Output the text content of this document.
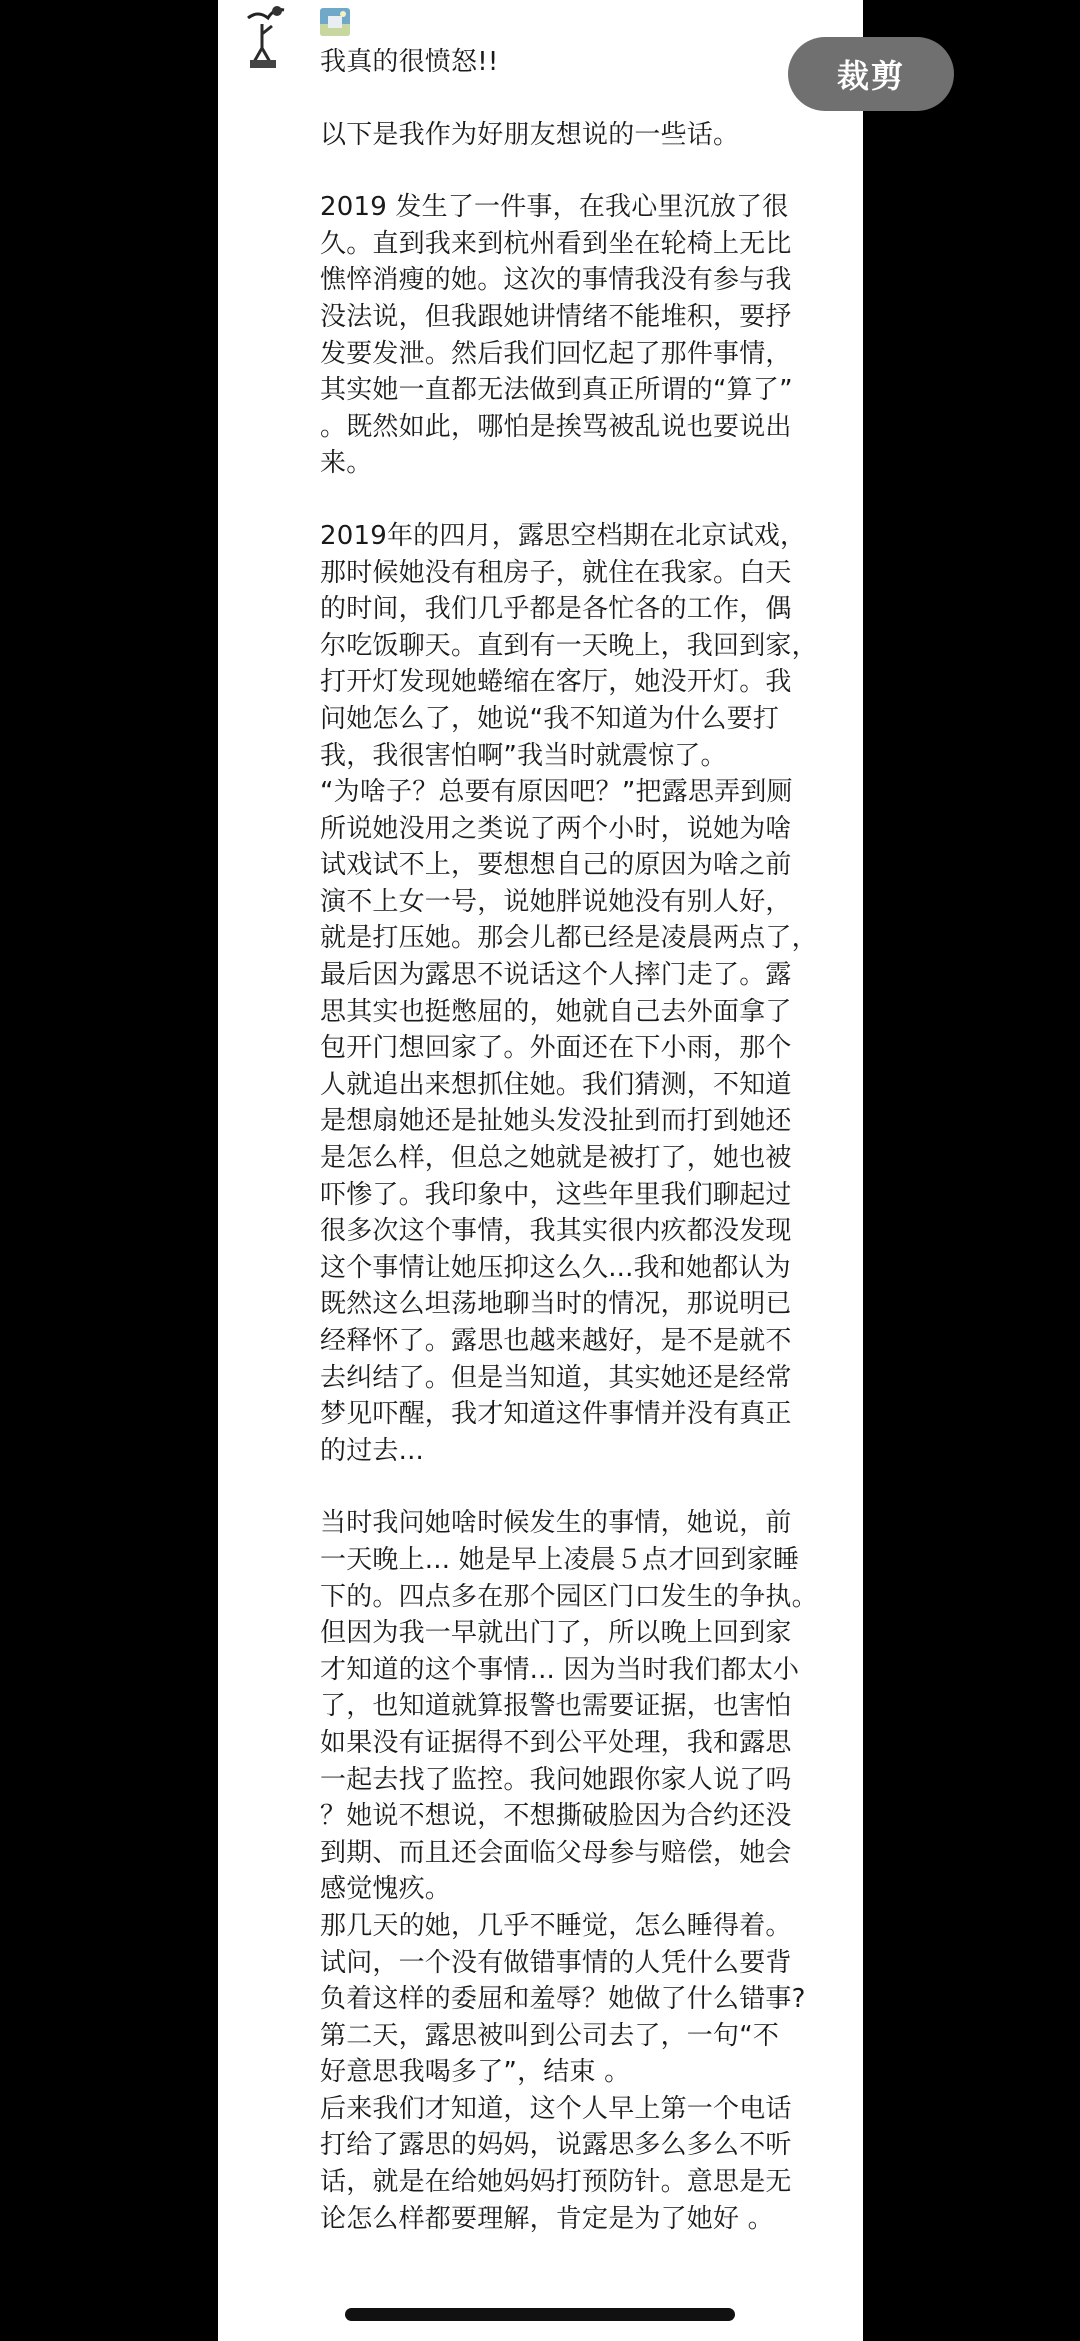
我真的很愤怒!!

以下是我作为好朋友想说的一些话。

2019 发生了一件事，在我心里沉放了很
久。直到我来到杭州看到坐在轮椅上无比
憔悴消瘦的她。这次的事情我没有参与我
没法说，但我跟她讲情绪不能堆积，要抒
发要发泄。然后我们回忆起了那件事情，
其实她一直都无法做到真正所谓的“算了”
。既然如此，哪怕是挨骂被乱说也要说出
来。

2019年的四月，露思空档期在北京试戏，
那时候她没有租房子，就住在我家。白天
的时间，我们几乎都是各忙各的工作，偶
尔吃饭聊天。直到有一天晚上，我回到家，
打开灯发现她蜷缩在客厅，她没开灯。我
问她怎么了，她说“我不知道为什么要打
我，我很害怕啊”我当时就震惊了。
“为啥子？总要有原因吧？”把露思弄到厕
所说她没用之类说了两个小时，说她为啥
试戏试不上，要想想自己的原因为啥之前
演不上女一号，说她胖说她没有别人好，
就是打压她。那会儿都已经是凌晨两点了，
最后因为露思不说话这个人摔门走了。露
思其实也挺憋屈的，她就自己去外面拿了
包开门想回家了。外面还在下小雨，那个
人就追出来想抓住她。我们猜测，不知道
是想扇她还是扯她头发没扯到而打到她还
是怎么样，但总之她就是被打了，她也被
吓惨了。我印象中，这些年里我们聊起过
很多次这个事情，我其实很内疚都没发现
这个事情让她压抑这么久...我和她都认为
既然这么坦荡地聊当时的情况，那说明已
经释怀了。露思也越来越好，是不是就不
去纠结了。但是当知道，其实她还是经常
梦见吓醒，我才知道这件事情并没有真正
的过去...

当时我问她啥时候发生的事情，她说，前
一天晚上... 她是早上凌晨５点才回到家睡
下的。四点多在那个园区门口发生的争执。
但因为我一早就出门了，所以晚上回到家
才知道的这个事情... 因为当时我们都太小
了，也知道就算报警也需要证据，也害怕
如果没有证据得不到公平处理，我和露思
一起去找了监控。我问她跟你家人说了吗
？她说不想说，不想撕破脸因为合约还没
到期、而且还会面临父母参与赔偿，她会
感觉愧疚。
那几天的她，几乎不睡觉，怎么睡得着。
试问，一个没有做错事情的人凭什么要背
负着这样的委屈和羞辱？她做了什么错事?
第二天，露思被叫到公司去了，一句“不
好意思我喝多了”，结束 。
后来我们才知道，这个人早上第一个电话
打给了露思的妈妈，说露思多么多么不听
话，就是在给她妈妈打预防针。意思是无
论怎么样都要理解，肯定是为了她好 。

裁剪
